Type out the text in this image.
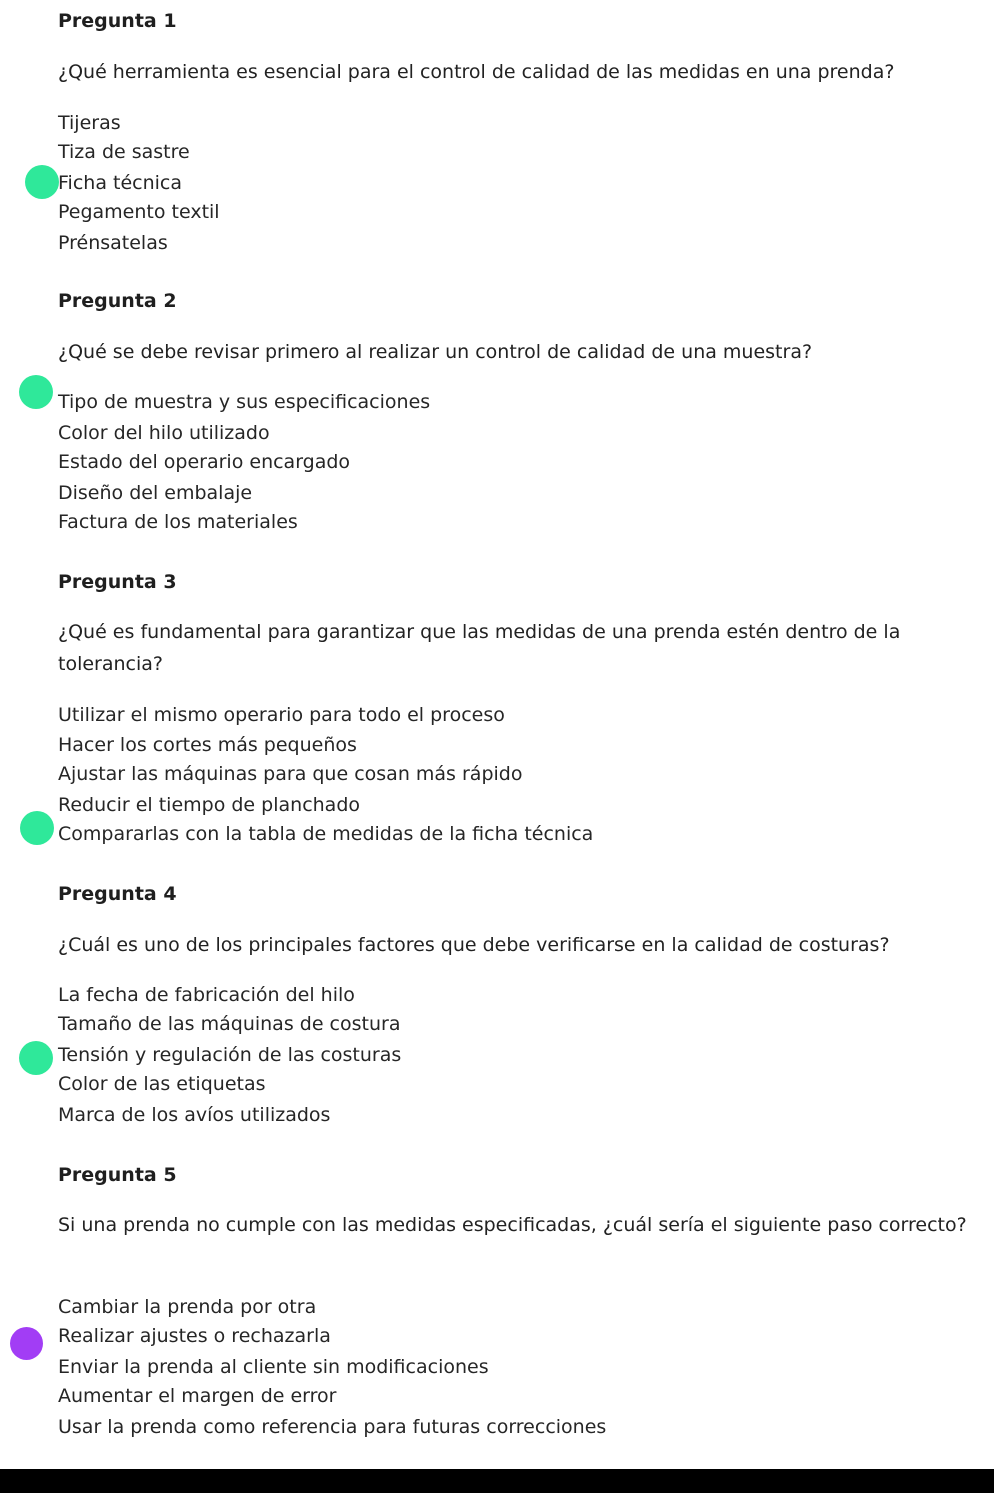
Pregunta 1
¿Qué herramienta es esencial para el control de calidad de las medidas en una prenda?
Tijeras
Tiza de sastre
Ficha técnica
Pegamento textil
Prénsatelas
Pregunta 2
¿Qué se debe revisar primero al realizar un control de calidad de una muestra?
Tipo de muestra y sus especificaciones
Color del hilo utilizado
Estado del operario encargado
Diseño del embalaje
Factura de los materiales
Pregunta 3
¿Qué es fundamental para garantizar que las medidas de una prenda estén dentro de la tolerancia?
Utilizar el mismo operario para todo el proceso
Hacer los cortes más pequeños
Ajustar las máquinas para que cosan más rápido
Reducir el tiempo de planchado
Compararlas con la tabla de medidas de la ficha técnica
Pregunta 4
¿Cuál es uno de los principales factores que debe verificarse en la calidad de costuras?
La fecha de fabricación del hilo
Tamaño de las máquinas de costura
Tensión y regulación de las costuras
Color de las etiquetas
Marca de los avíos utilizados
Pregunta 5
Si una prenda no cumple con las medidas especificadas, ¿cuál sería el siguiente paso correcto?
Cambiar la prenda por otra
Realizar ajustes o rechazarla
Enviar la prenda al cliente sin modificaciones
Aumentar el margen de error
Usar la prenda como referencia para futuras correcciones
